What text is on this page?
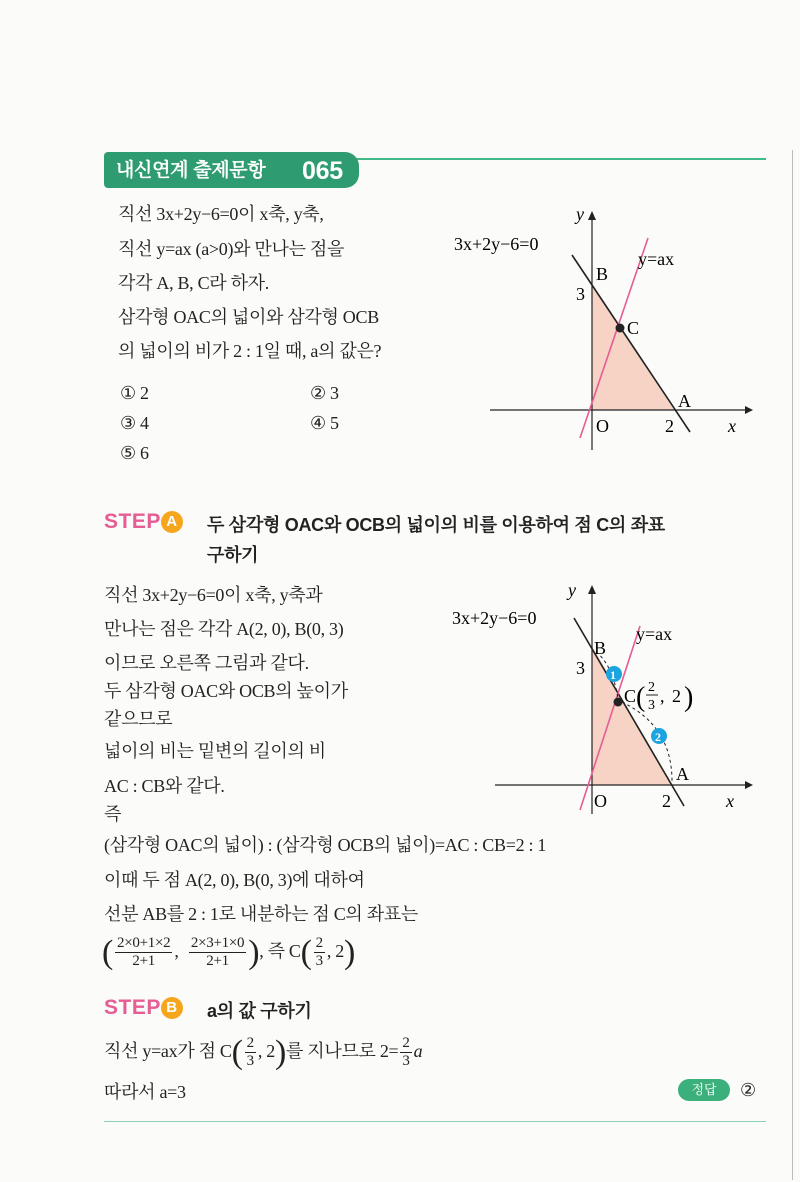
내신연계 출제문항 065
직선 3x+2y−6=0이 x축, y축,
직선 y=ax (a>0)와 만나는 점을
각각 A, B, C라 하자.
삼각형 OAC의 넓이와 삼각형 OCB
의 넓이의 비가 2 : 1일 때, a의 값은?
① 2	② 3
③ 4	④ 5
⑤ 6
y
3x+2y−6=0
y=ax
B
3
C
A
O	2	x
STEP A 두 삼각형 OAC와 OCB의 넓이의 비를 이용하여 점 C의 좌표
구하기
직선 3x+2y−6=0이 x축, y축과
만나는 점은 각각 A(2, 0), B(0, 3)
이므로 오른쪽 그림과 같다.
두 삼각형 OAC와 OCB의 높이가
같으므로
넓이의 비는 밑변의 길이의 비
AC : CB와 같다.
즉
(삼각형 OAC의 넓이) : (삼각형 OCB의 넓이)=AC : CB=2 : 1
이때 두 점 A(2, 0), B(0, 3)에 대하여
선분 AB를 2 : 1로 내분하는 점 C의 좌표는
( $\frac{2\times 0+1\times 2}{2+1}$ , $\frac{2\times 3+1\times 0}{2+1}$ ), 즉 $C( \frac{2}{3}$ , 2)
1
2
y
3x+2y−6=0
y=ax
B
3
C ( 2
3 , 2 )
A
O	2	x
STEP B a의 값 구하기
직선 y=ax가 점 $C( \frac{2}{3}$ , 2)를 지나므로 $2= \frac{2}{3}$ a
따라서 a=3	정답	②
